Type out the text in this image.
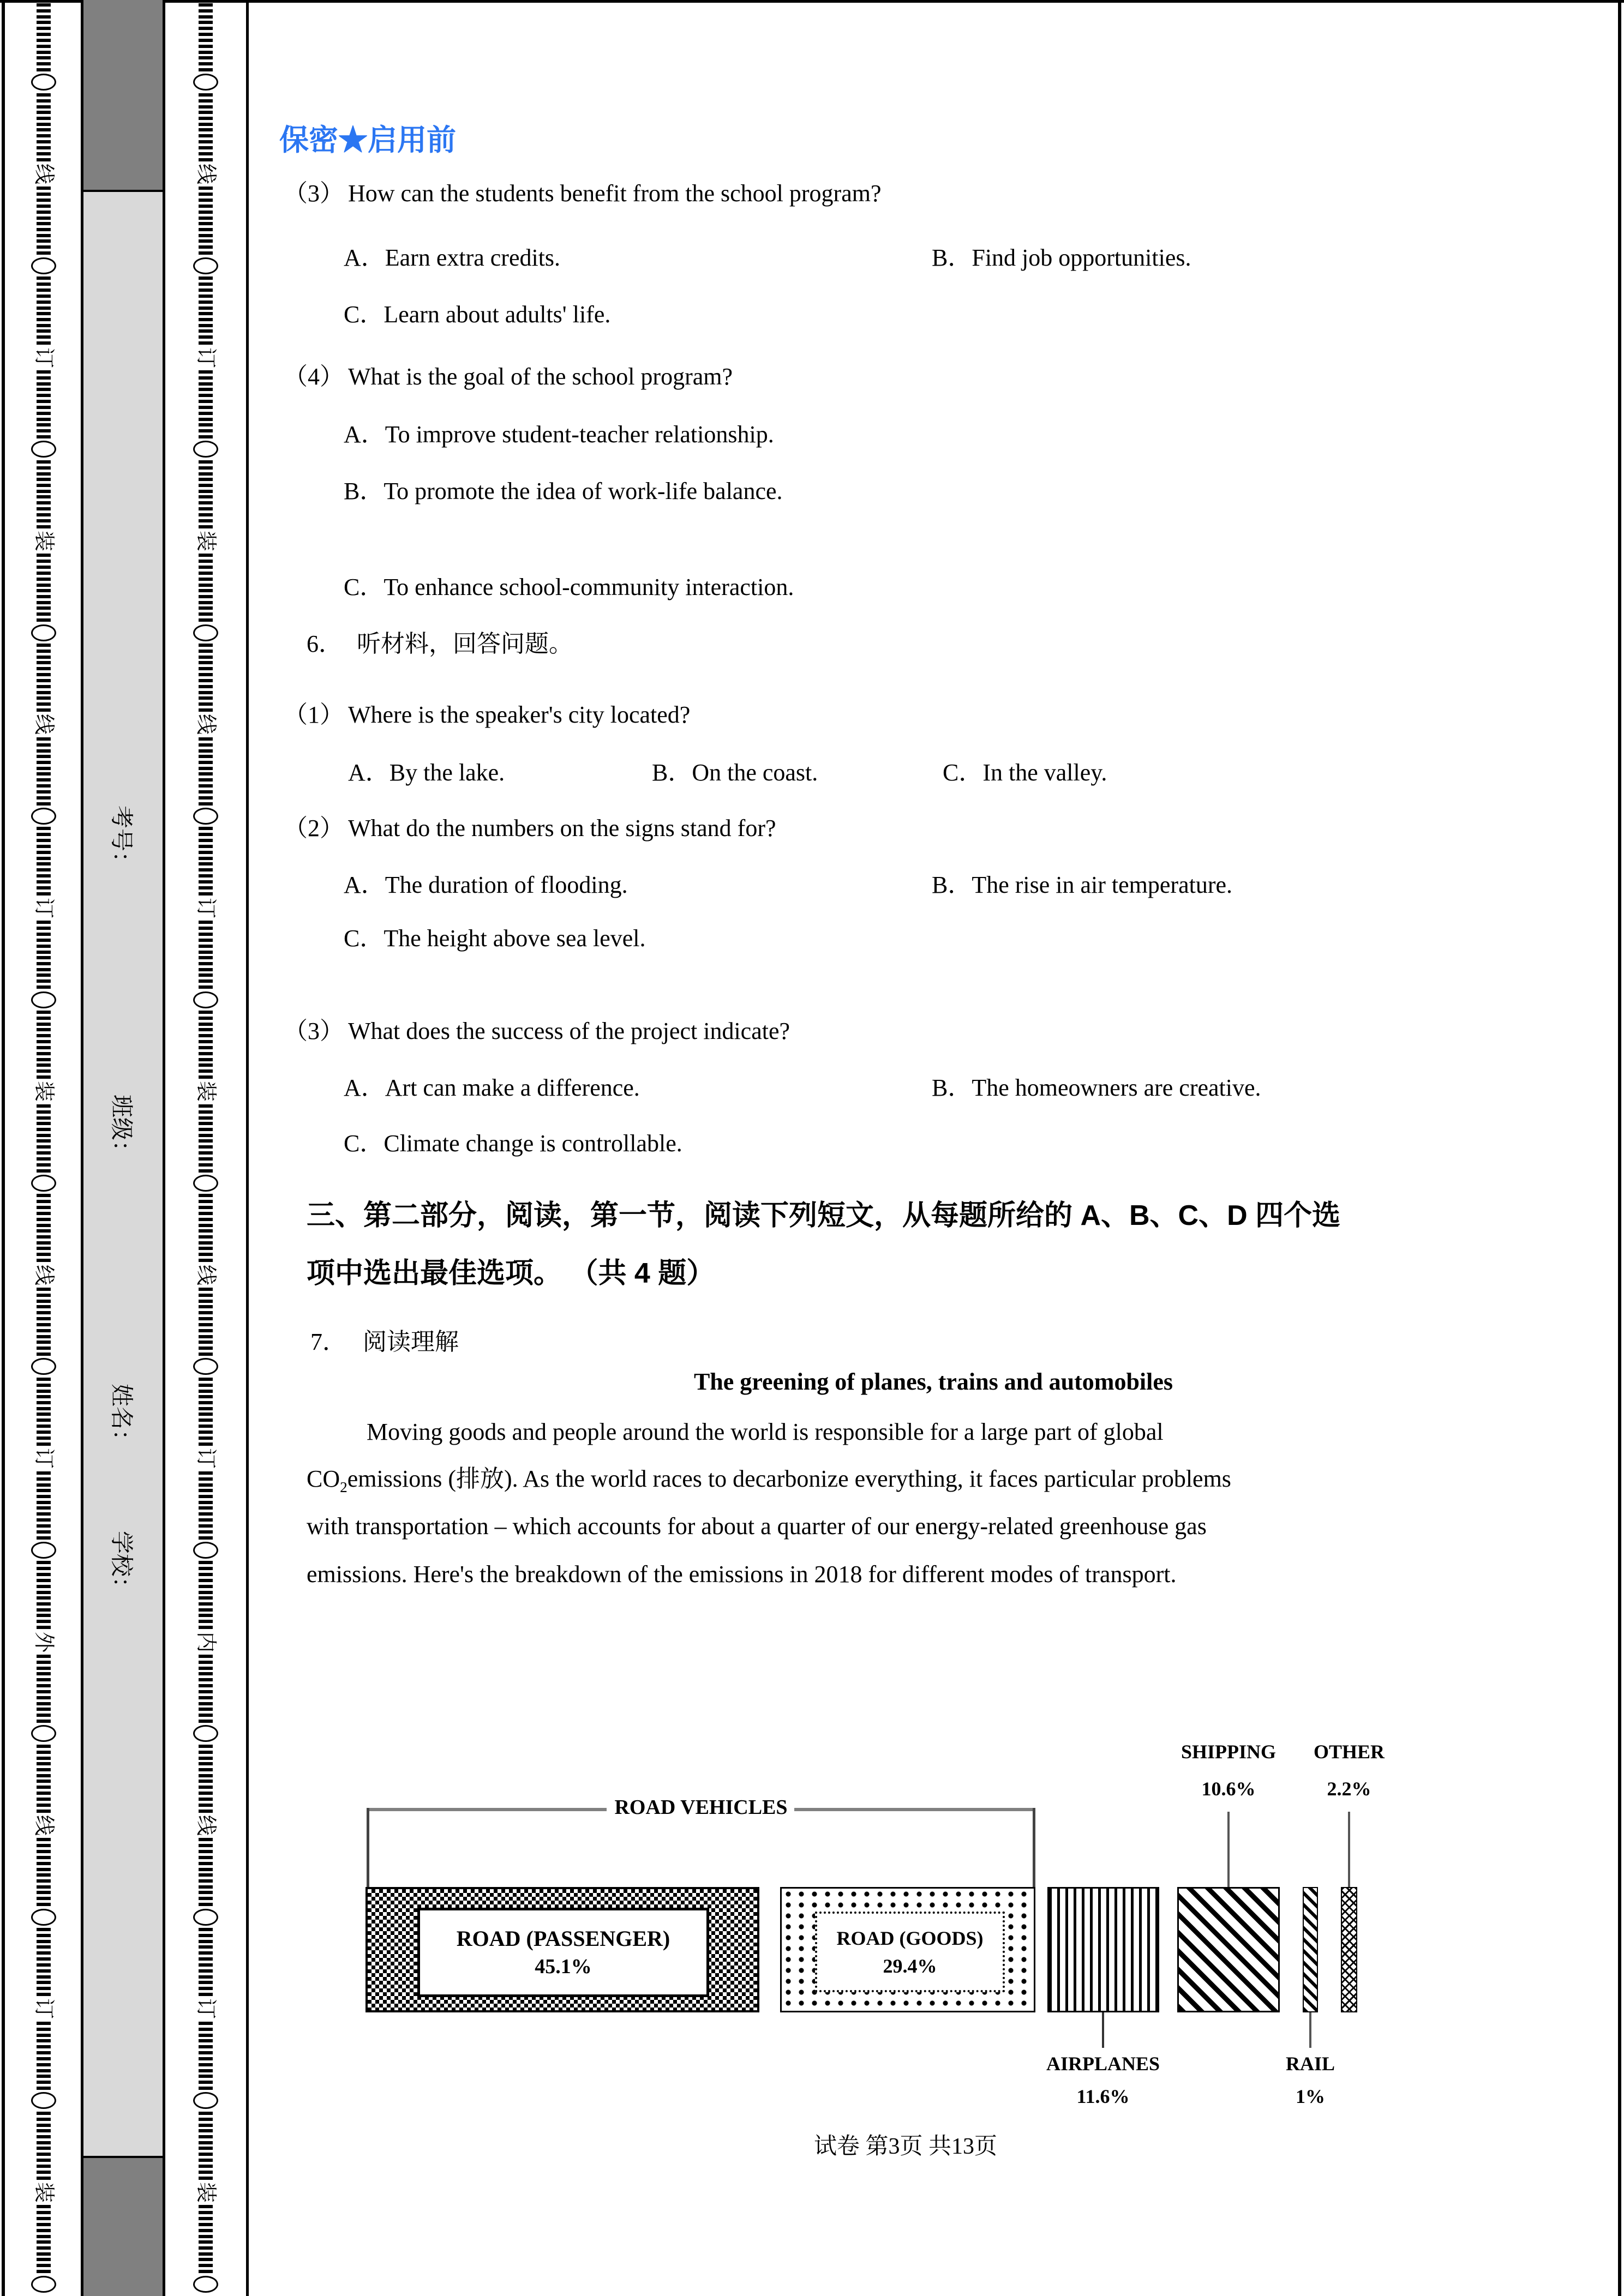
考号：
班级：
姓名：
学校：
线
订
装
线
订
装
线
订
外
线
订
装
线
订
装
线
订
装
线
订
内
线
订
装
保密★启用前
（3） How can the students benefit from the school program?
A．Earn extra credits.	B．Find job opportunities.
C．Learn about adults' life.
（4） What is the goal of the school program?
A．To improve student-teacher relationship.
B．To promote the idea of work-life balance.
C．To enhance school-community interaction.
6． 听材料，回答问题。
（1） Where is the speaker's city located?
A．By the lake.	B．On the coast.	C．In the valley.
（2） What do the numbers on the signs stand for?
A．The duration of flooding.	B．The rise in air temperature.
C．The height above sea level.
（3） What does the success of the project indicate?
A．Art can make a difference.	B．The homeowners are creative.
C．Climate change is controllable.
三、第二部分，阅读，第一节，阅读下列短文，从每题所给的 A、B、C、D 四个选
项中选出最佳选项。 （共 4 题）
7． 阅读理解
The greening of planes, trains and automobiles
Moving goods and people around the world is responsible for a large part of global
$CO_2emissions$ (排放). As the world races to decarbonize everything, it faces particular problems
with transportation – which accounts for about a quarter of our energy-related greenhouse gas
emissions. Here's the breakdown of the emissions in 2018 for different modes of transport.
SHIPPING
10.6%
OTHER
2.2%
ROAD VEHICLES
ROAD (PASSENGER)
45.1%
ROAD (GOODS)
29.4%
AIRPLANES
11.6%
RAIL
1%
试卷 第3页 共13页
